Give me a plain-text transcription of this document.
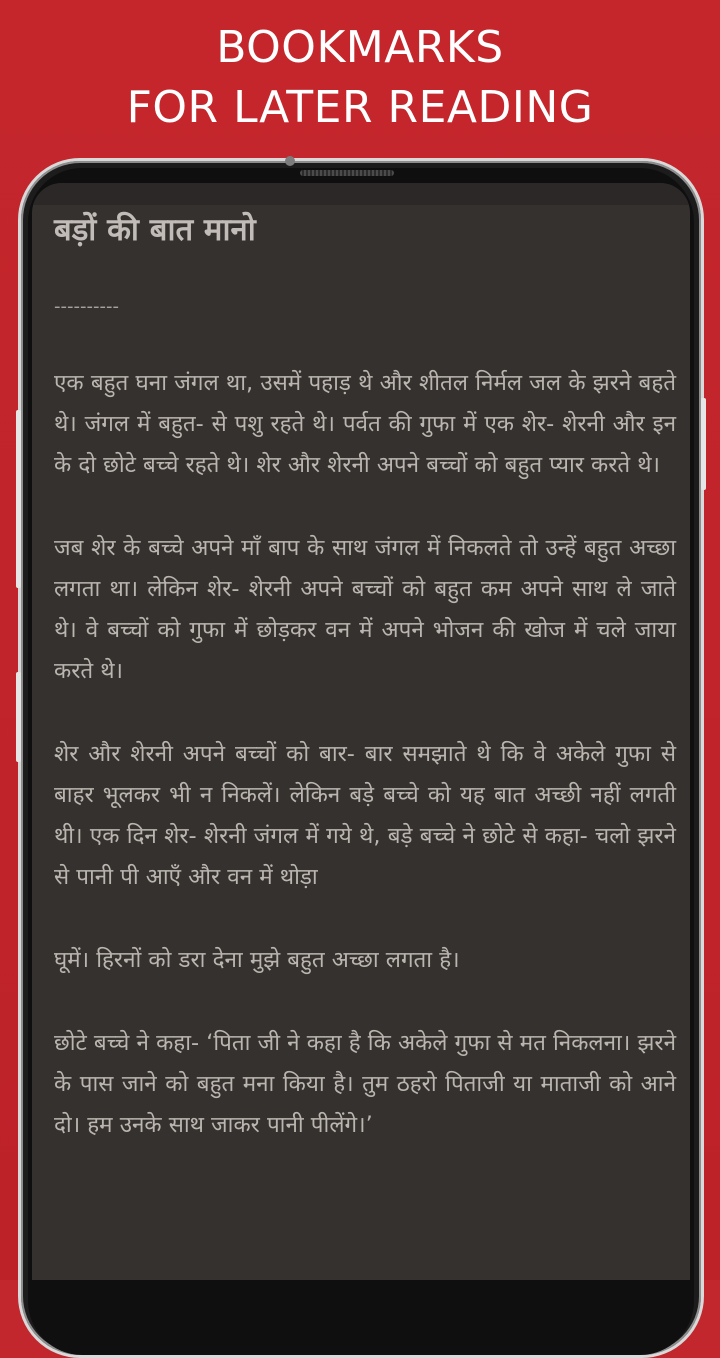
BOOKMARKS
FOR LATER READING
बड़ों की बात मानो
----------

एक बहुत घना जंगल था, उसमें पहाड़ थे और शीतल निर्मल जल के झरने बहते थे। जंगल में बहुत- से पशु रहते थे। पर्वत की गुफा में एक शेर- शेरनी और इन के दो छोटे बच्चे रहते थे। शेर और शेरनी अपने बच्चों को बहुत प्यार करते थे।

जब शेर के बच्चे अपने माँ बाप के साथ जंगल में निकलते तो उन्हें बहुत अच्छा लगता था। लेकिन शेर- शेरनी अपने बच्चों को बहुत कम अपने साथ ले जाते थे। वे बच्चों को गुफा में छोड़कर वन में अपने भोजन की खोज में चले जाया करते थे।

शेर और शेरनी अपने बच्चों को बार- बार समझाते थे कि वे अकेले गुफा से बाहर भूलकर भी न निकलें। लेकिन बड़े बच्चे को यह बात अच्छी नहीं लगती थी। एक दिन शेर- शेरनी जंगल में गये थे, बड़े बच्चे ने छोटे से कहा- चलो झरने से पानी पी आएँ और वन में थोड़ा

घूमें। हिरनों को डरा देना मुझे बहुत अच्छा लगता है।

छोटे बच्चे ने कहा- ‘पिता जी ने कहा है कि अकेले गुफा से मत निकलना। झरने के पास जाने को बहुत मना किया है। तुम ठहरो पिताजी या माताजी को आने दो। हम उनके साथ जाकर पानी पीलेंगे।’
